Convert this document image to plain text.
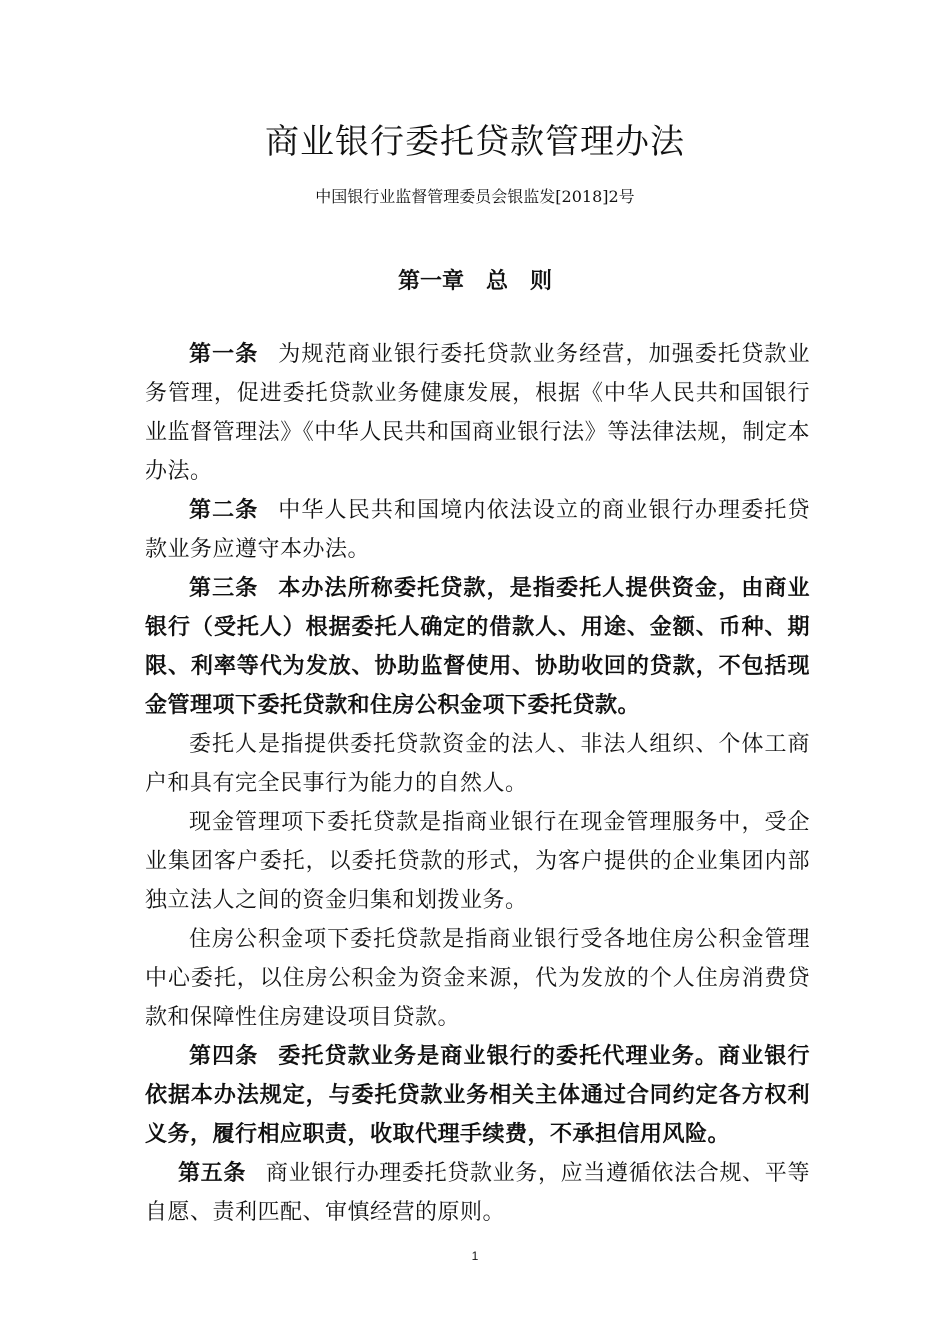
商业银行委托贷款管理办法

中国银行业监督管理委员会银监发[2018]2号

第一章　总　则

第一条 为规范商业银行委托贷款业务经营，加强委托贷款业务管理，促进委托贷款业务健康发展，根据《中华人民共和国银行业监督管理法》《中华人民共和国商业银行法》等法律法规，制定本办法。

第二条 中华人民共和国境内依法设立的商业银行办理委托贷款业务应遵守本办法。

第三条 本办法所称委托贷款，是指委托人提供资金，由商业银行（受托人）根据委托人确定的借款人、用途、金额、币种、期限、利率等代为发放、协助监督使用、协助收回的贷款，不包括现金管理项下委托贷款和住房公积金项下委托贷款。

委托人是指提供委托贷款资金的法人、非法人组织、个体工商户和具有完全民事行为能力的自然人。

现金管理项下委托贷款是指商业银行在现金管理服务中，受企业集团客户委托，以委托贷款的形式，为客户提供的企业集团内部独立法人之间的资金归集和划拨业务。

住房公积金项下委托贷款是指商业银行受各地住房公积金管理中心委托，以住房公积金为资金来源，代为发放的个人住房消费贷款和保障性住房建设项目贷款。

第四条 委托贷款业务是商业银行的委托代理业务。商业银行依据本办法规定，与委托贷款业务相关主体通过合同约定各方权利义务，履行相应职责，收取代理手续费，不承担信用风险。

第五条 商业银行办理委托贷款业务，应当遵循依法合规、平等自愿、责利匹配、审慎经营的原则。

1
